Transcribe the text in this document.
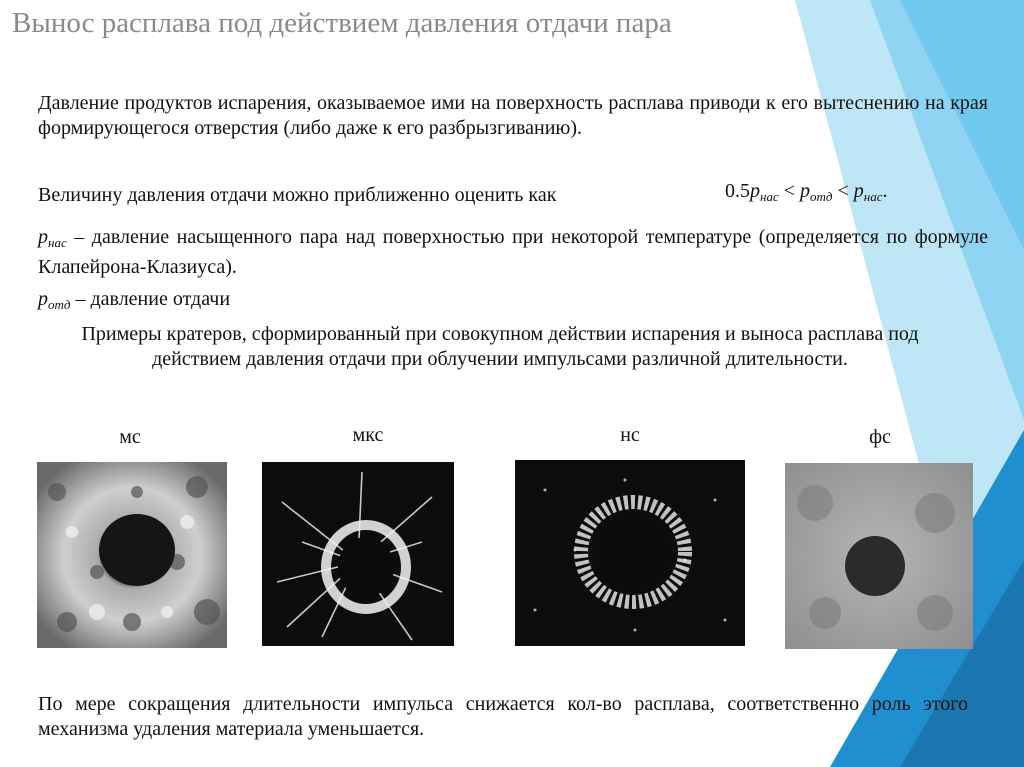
Вынос расплава под действием давления отдачи пара
Давление продуктов испарения, оказываемое ими на поверхность расплава приводи к его вытеснению на края формирующегося отверстия (либо даже к его разбрызгиванию).
Величину давления отдачи можно приближенно оценить как	$0.5p_{нас} < p_{отд} < p_{нас}$.
$p_{нас}$ – давление насыщенного пара над поверхностью при некоторой температуре (определяется по формуле Клапейрона-Клазиуса).
$p_{отд}$ – давление отдачи
Примеры кратеров, сформированный при совокупном действии испарения и выноса расплава под действием давления отдачи при облучении импульсами различной длительности.
мс	мкс	нс	фс
По мере сокращения длительности импульса снижается кол-во расплава, соответственно роль этого механизма удаления материала уменьшается.
